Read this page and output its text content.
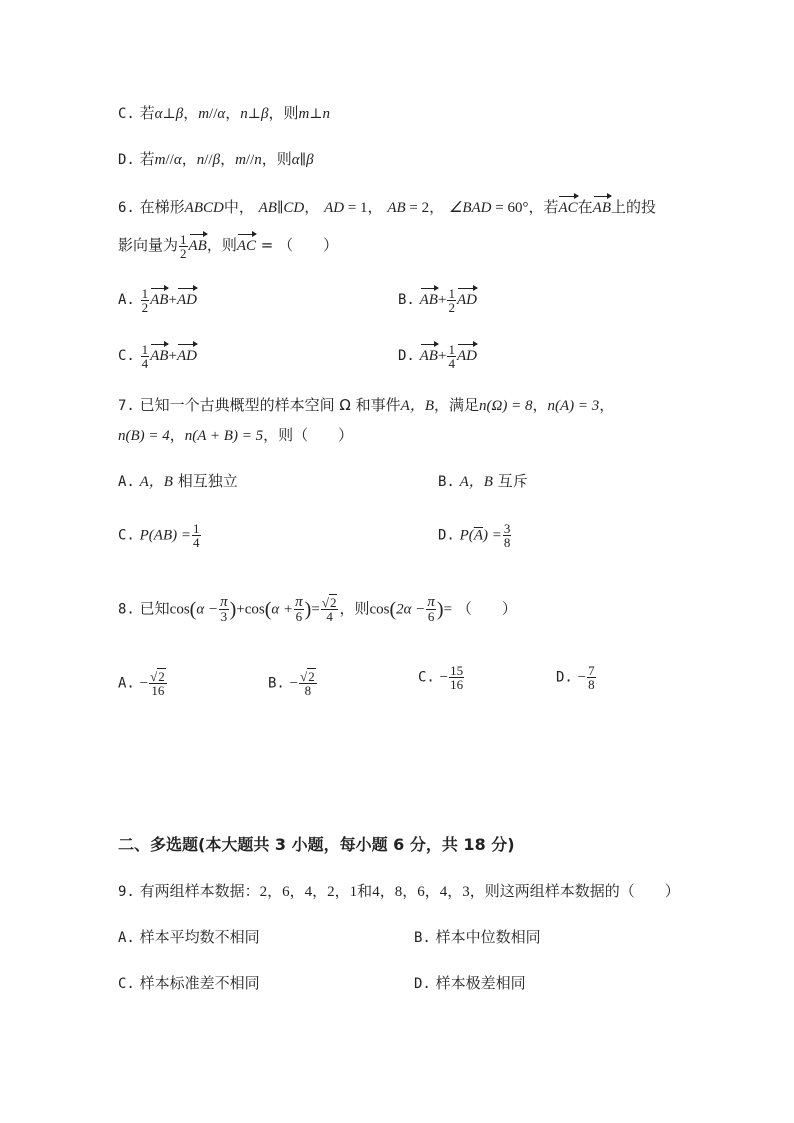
C. 若α⊥β，m//α，n⊥β，则m⊥n
D. 若m//α，n//β，m//n，则α∥β
6. 在梯形ABCD中， AB∥CD， AD = 1， AB = 2， ∠BAD = 60°，若AC在AB上的投
影向量为 $\frac{1}{2}$ AB，则AC = （　　）
A. $\frac{1}{2} AB+AD$	B. $AB+ \frac{1}{2}$ AD
C. $\frac{1}{4} AB+AD$	D. $AB+ \frac{1}{4}$ AD
7. 已知一个古典概型的样本空间 Ω 和事件A，B，满足n(Ω) = 8，n(A) = 3，
n(B) = 4，n(A + B) = 5，则（　　）
A. A，B 相互独立	B. A，B 互斥
C. $P(AB) = \frac{1}{4}$	D. $P(\overline{A}) = \frac{3}{8}$
8. 已知$\cos(\alpha - \frac{\pi}{3} )+\cos(\alpha + \frac{\pi}{6}$ )= $\frac{√2}{4}$ ，则$\cos(2\alpha - \frac{\pi}{6}$ )= （　　）
A. − $\frac{√2}{16}$	B. − $\frac{√2}{8}$	C. − $\frac{15}{16}$	D. − $\frac{7}{8}$
二、多选题(本大题共 3 小题，每小题 6 分，共 18 分)
9. 有两组样本数据：2，6，4，2，1和4，8，6，4，3，则这两组样本数据的（　　）
A. 样本平均数不相同	B. 样本中位数相同
C. 样本标准差不相同	D. 样本极差相同
